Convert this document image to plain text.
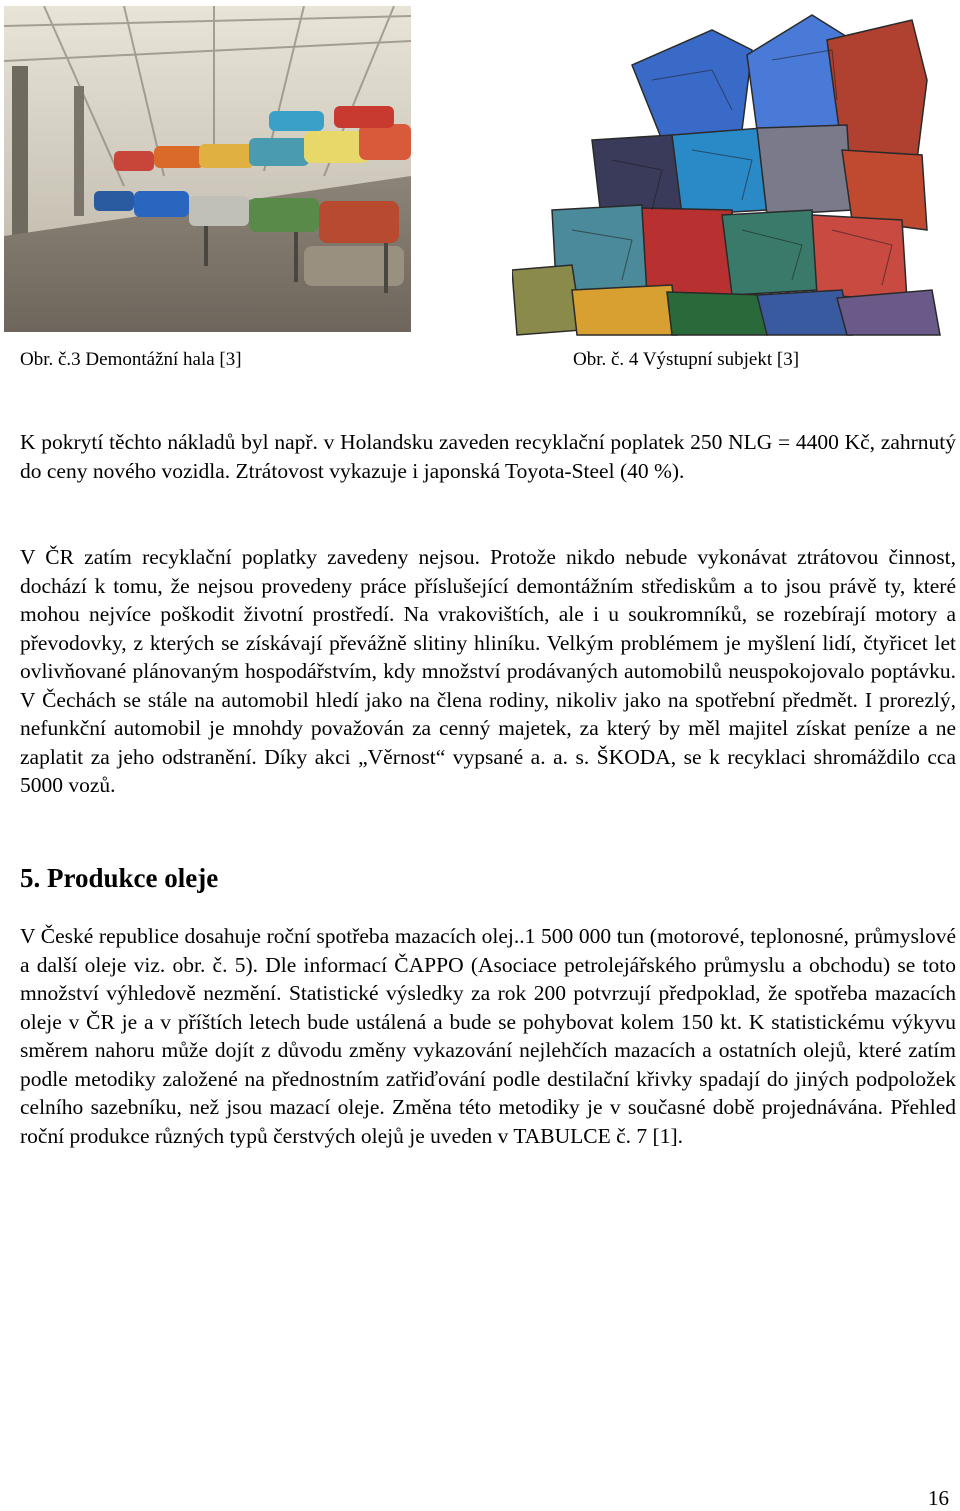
Obr. č.3 Demontážní hala [3]	Obr. č. 4 Výstupní subjekt [3]

K pokrytí těchto nákladů byl např. v Holandsku zaveden recyklační poplatek 250 NLG = 4400 Kč, zahrnutý do ceny nového vozidla. Ztrátovost vykazuje i japonská Toyota-Steel (40 %).

V ČR zatím recyklační poplatky zavedeny nejsou. Protože nikdo nebude vykonávat ztrátovou činnost, dochází k tomu, že nejsou provedeny práce příslušející demontážním střediskům a to jsou právě ty, které mohou nejvíce poškodit životní prostředí. Na vrakovištích, ale i u soukromníků, se rozebírají motory a převodovky, z kterých se získávají převážně slitiny hliníku. Velkým problémem je myšlení lidí, čtyřicet let ovlivňované plánovaným hospodářstvím, kdy množství prodávaných automobilů neuspokojovalo poptávku. V Čechách se stále na automobil hledí jako na člena rodiny, nikoliv jako na spotřební předmět. I prorezlý, nefunkční automobil je mnohdy považován za cenný majetek, za který by měl majitel získat peníze a ne zaplatit za jeho odstranění. Díky akci „Věrnost“ vypsané a. a. s. ŠKODA, se k recyklaci shromáždilo cca 5000 vozů.

5. Produkce oleje

V České republice dosahuje roční spotřeba mazacích olej..1 500 000 tun (motorové, teplonosné, průmyslové a další oleje viz. obr. č. 5). Dle informací ČAPPO (Asociace petrolejářského průmyslu a obchodu) se toto množství výhledově nezmění. Statistické výsledky za rok 200 potvrzují předpoklad, že spotřeba mazacích oleje v ČR je a v příštích letech bude ustálená a bude se pohybovat kolem 150 kt. K statistickému výkyvu směrem nahoru může dojít z důvodu změny vykazování nejlehčích mazacích a ostatních olejů, které zatím podle metodiky založené na přednostním zatřiďování podle destilační křivky spadají do jiných podpoložek celního sazebníku, než jsou mazací oleje. Změna této metodiky je v současné době projednávána. Přehled roční produkce různých typů čerstvých olejů je uveden v TABULCE č. 7 [1].

16
